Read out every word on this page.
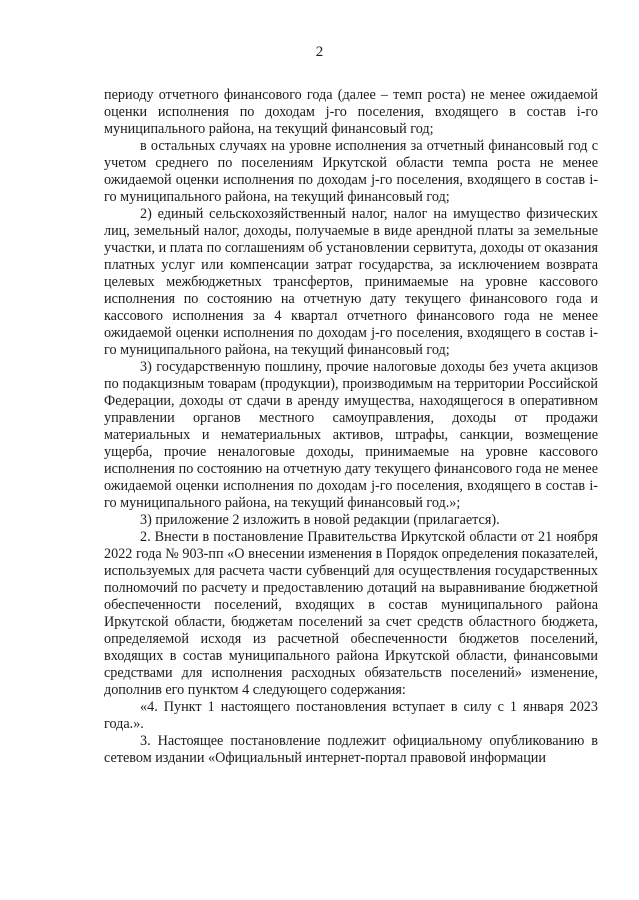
2

периоду отчетного финансового года (далее – темп роста) не менее ожидаемой оценки исполнения по доходам j-го поселения, входящего в состав i-го муниципального района, на текущий финансовый год;

в остальных случаях на уровне исполнения за отчетный финансовый год с учетом среднего по поселениям Иркутской области темпа роста не менее ожидаемой оценки исполнения по доходам j-го поселения, входящего в состав i-го муниципального района, на текущий финансовый год;

2) единый сельскохозяйственный налог, налог на имущество физических лиц, земельный налог, доходы, получаемые в виде арендной платы за земельные участки, и плата по соглашениям об установлении сервитута, доходы от оказания платных услуг или компенсации затрат государства, за исключением возврата целевых межбюджетных трансфертов, принимаемые на уровне кассового исполнения по состоянию на отчетную дату текущего финансового года и кассового исполнения за 4 квартал отчетного финансового года не менее ожидаемой оценки исполнения по доходам j-го поселения, входящего в состав i-го муниципального района, на текущий финансовый год;

3) государственную пошлину, прочие налоговые доходы без учета акцизов по подакцизным товарам (продукции), производимым на территории Российской Федерации, доходы от сдачи в аренду имущества, находящегося в оперативном управлении органов местного самоуправления, доходы от продажи материальных и нематериальных активов, штрафы, санкции, возмещение ущерба, прочие неналоговые доходы, принимаемые на уровне кассового исполнения по состоянию на отчетную дату текущего финансового года не менее ожидаемой оценки исполнения по доходам j-го поселения, входящего в состав i-го муниципального района, на текущий финансовый год.»;

3) приложение 2 изложить в новой редакции (прилагается).

2. Внести в постановление Правительства Иркутской области от 21 ноября 2022 года № 903-пп «О внесении изменения в Порядок определения показателей, используемых для расчета части субвенций для осуществления государственных полномочий по расчету и предоставлению дотаций на выравнивание бюджетной обеспеченности поселений, входящих в состав муниципального района Иркутской области, бюджетам поселений за счет средств областного бюджета, определяемой исходя из расчетной обеспеченности бюджетов поселений, входящих в состав муниципального района Иркутской области, финансовыми средствами для исполнения расходных обязательств поселений» изменение, дополнив его пунктом 4 следующего содержания:

«4. Пункт 1 настоящего постановления вступает в силу с 1 января 2023 года.».

3. Настоящее постановление подлежит официальному опубликованию в сетевом издании «Официальный интернет-портал правовой информации
